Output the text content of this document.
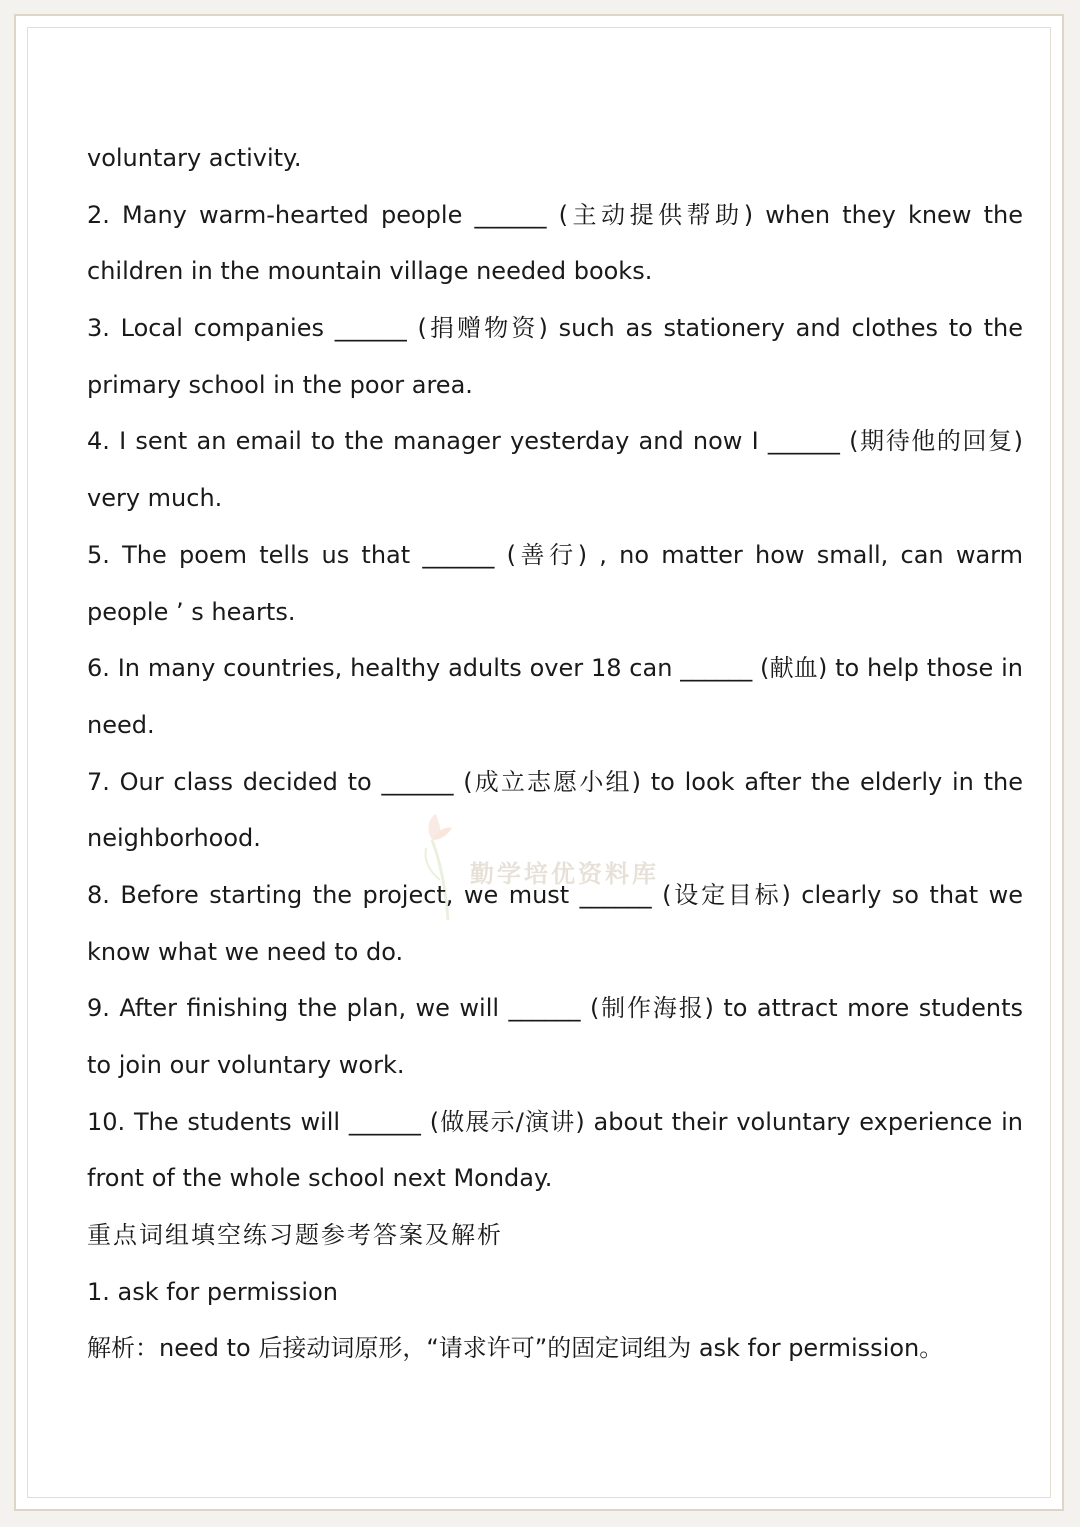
勤学培优资料库

voluntary activity.

2. Many warm-hearted people ______ (主动提供帮助) when they knew the

children in the mountain village needed books.

3. Local companies ______ (捐赠物资) such as stationery and clothes to the

primary school in the poor area.

4. I sent an email to the manager yesterday and now I ______ (期待他的回复)

very much.

5. The poem tells us that ______ (善行) , no matter how small, can warm

people ’ s hearts.

6. In many countries, healthy adults over 18 can ______ (献血) to help those in

need.

7. Our class decided to ______ (成立志愿小组) to look after the elderly in the

neighborhood.

8. Before starting the project, we must ______ (设定目标) clearly so that we

know what we need to do.

9. After finishing the plan, we will ______ (制作海报) to attract more students

to join our voluntary work.

10. The students will ______ (做展示/演讲) about their voluntary experience in

front of the whole school next Monday.

重点词组填空练习题参考答案及解析

1. ask for permission

解析：need to 后接动词原形，“请求许可”的固定词组为 ask for permission。
